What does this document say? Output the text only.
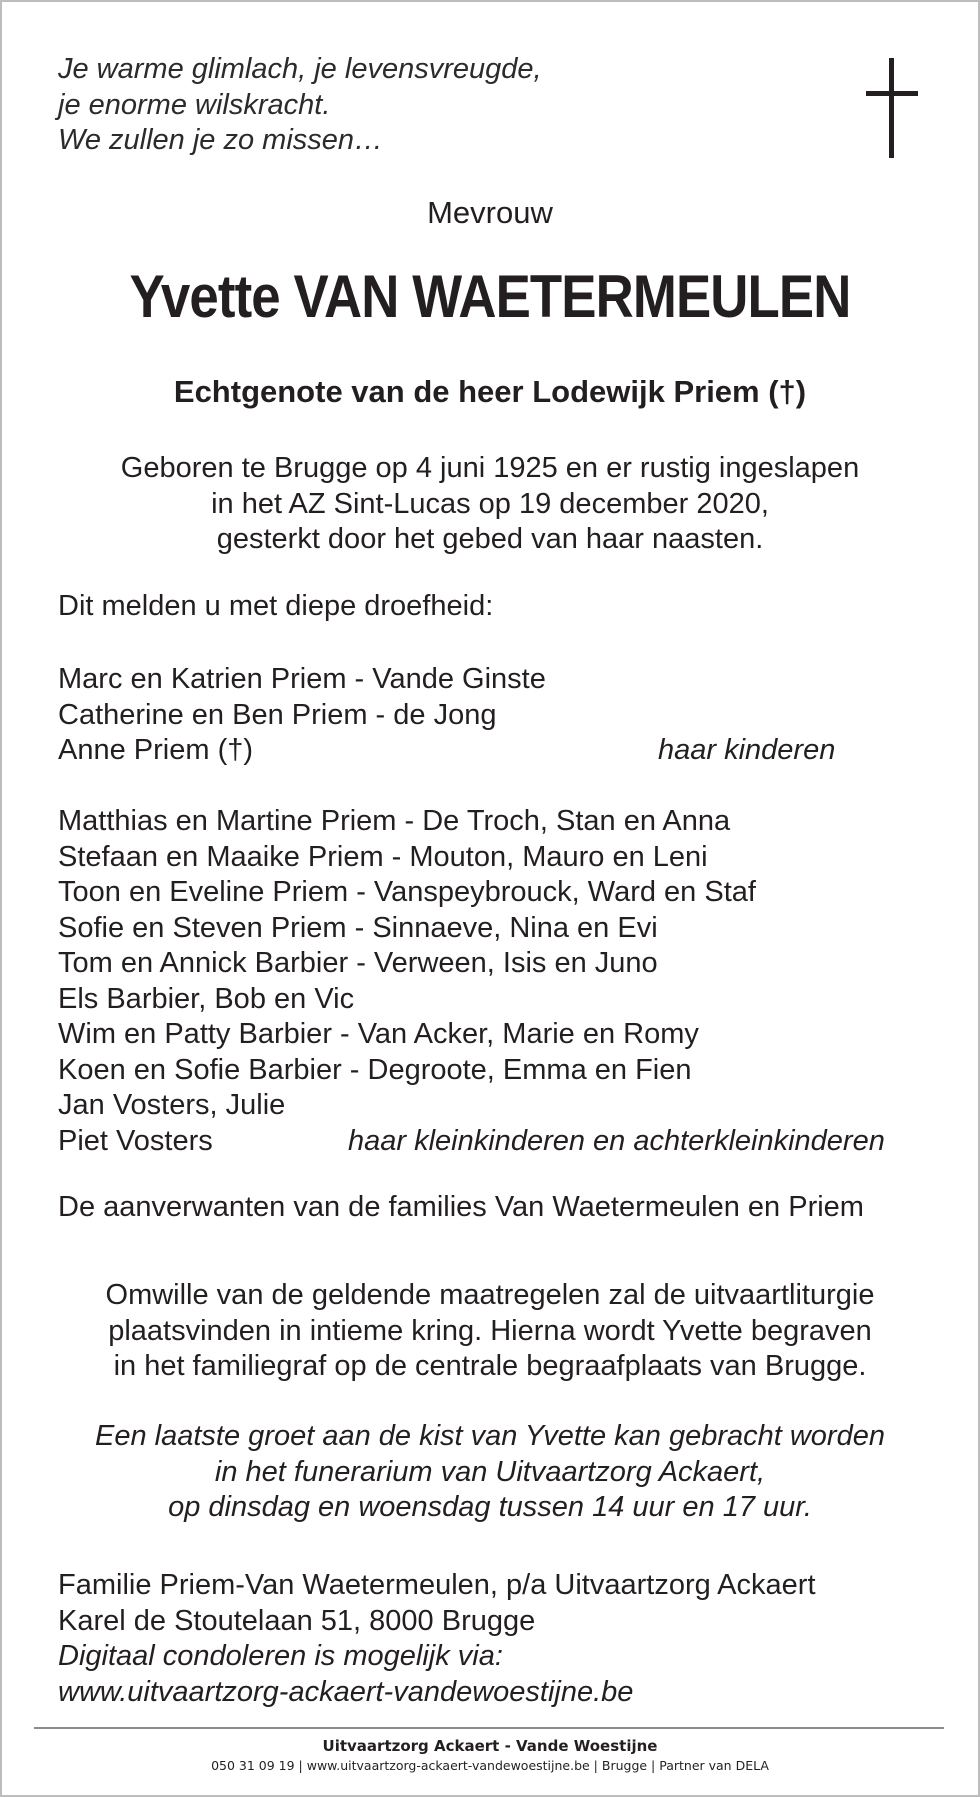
Je warme glimlach, je levensvreugde,
je enorme wilskracht.
We zullen je zo missen…
Mevrouw
Yvette VAN WAETERMEULEN
Echtgenote van de heer Lodewijk Priem (†)
Geboren te Brugge op 4 juni 1925 en er rustig ingeslapen
in het AZ Sint-Lucas op 19 december 2020,
gesterkt door het gebed van haar naasten.
Dit melden u met diepe droefheid:
Marc en Katrien Priem - Vande Ginste
Catherine en Ben Priem - de Jong
Anne Priem (†)	haar kinderen
Matthias en Martine Priem - De Troch, Stan en Anna
Stefaan en Maaike Priem - Mouton, Mauro en Leni
Toon en Eveline Priem - Vanspeybrouck, Ward en Staf
Sofie en Steven Priem - Sinnaeve, Nina en Evi
Tom en Annick Barbier - Verween, Isis en Juno
Els Barbier, Bob en Vic
Wim en Patty Barbier - Van Acker, Marie en Romy
Koen en Sofie Barbier - Degroote, Emma en Fien
Jan Vosters, Julie
Piet Vosters	haar kleinkinderen en achterkleinkinderen
De aanverwanten van de families Van Waetermeulen en Priem
Omwille van de geldende maatregelen zal de uitvaartliturgie
plaatsvinden in intieme kring. Hierna wordt Yvette begraven
in het familiegraf op de centrale begraafplaats van Brugge.
Een laatste groet aan de kist van Yvette kan gebracht worden
in het funerarium van Uitvaartzorg Ackaert,
op dinsdag en woensdag tussen 14 uur en 17 uur.
Familie Priem-Van Waetermeulen, p/a Uitvaartzorg Ackaert
Karel de Stoutelaan 51, 8000 Brugge
Digitaal condoleren is mogelijk via:
www.uitvaartzorg-ackaert-vandewoestijne.be
Uitvaartzorg Ackaert - Vande Woestijne
050 31 09 19 | www.uitvaartzorg-ackaert-vandewoestijne.be | Brugge | Partner van DELA
